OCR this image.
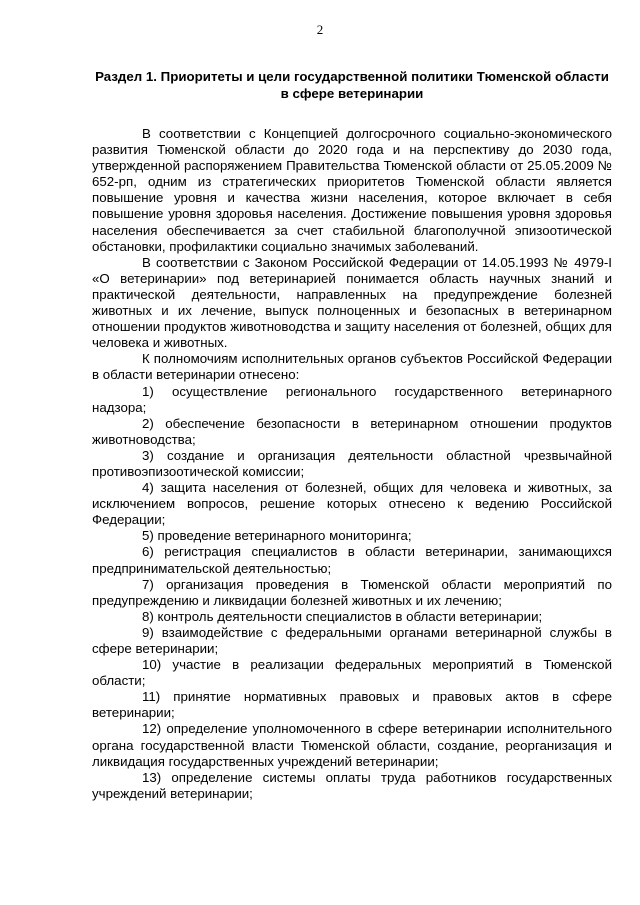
2
Раздел 1. Приоритеты и цели государственной политики Тюменской области в сфере ветеринарии

В соответствии с Концепцией долгосрочного социально-экономического развития Тюменской области до 2020 года и на перспективу до 2030 года, утвержденной распоряжением Правительства Тюменской области от 25.05.2009 № 652-рп, одним из стратегических приоритетов Тюменской области является повышение уровня и качества жизни населения, которое включает в себя повышение уровня здоровья населения. Достижение повышения уровня здоровья населения обеспечивается за счет стабильной благополучной эпизоотической обстановки, профилактики социально значимых заболеваний.

В соответствии с Законом Российской Федерации от 14.05.1993 № 4979-I «О ветеринарии» под ветеринарией понимается область научных знаний и практической деятельности, направленных на предупреждение болезней животных и их лечение, выпуск полноценных и безопасных в ветеринарном отношении продуктов животноводства и защиту населения от болезней, общих для человека и животных.

К полномочиям исполнительных органов субъектов Российской Федерации в области ветеринарии отнесено:

1) осуществление регионального государственного ветеринарного надзора;

2) обеспечение безопасности в ветеринарном отношении продуктов животноводства;

3) создание и организация деятельности областной чрезвычайной противоэпизоотической комиссии;

4) защита населения от болезней, общих для человека и животных, за исключением вопросов, решение которых отнесено к ведению Российской Федерации;

5) проведение ветеринарного мониторинга;

6) регистрация специалистов в области ветеринарии, занимающихся предпринимательской деятельностью;

7) организация проведения в Тюменской области мероприятий по предупреждению и ликвидации болезней животных и их лечению;

8) контроль деятельности специалистов в области ветеринарии;

9) взаимодействие с федеральными органами ветеринарной службы в сфере ветеринарии;

10) участие в реализации федеральных мероприятий в Тюменской области;

11) принятие нормативных правовых и правовых актов в сфере ветеринарии;

12) определение уполномоченного в сфере ветеринарии исполнительного органа государственной власти Тюменской области, создание, реорганизация и ликвидация государственных учреждений ветеринарии;

13) определение системы оплаты труда работников государственных учреждений ветеринарии;
